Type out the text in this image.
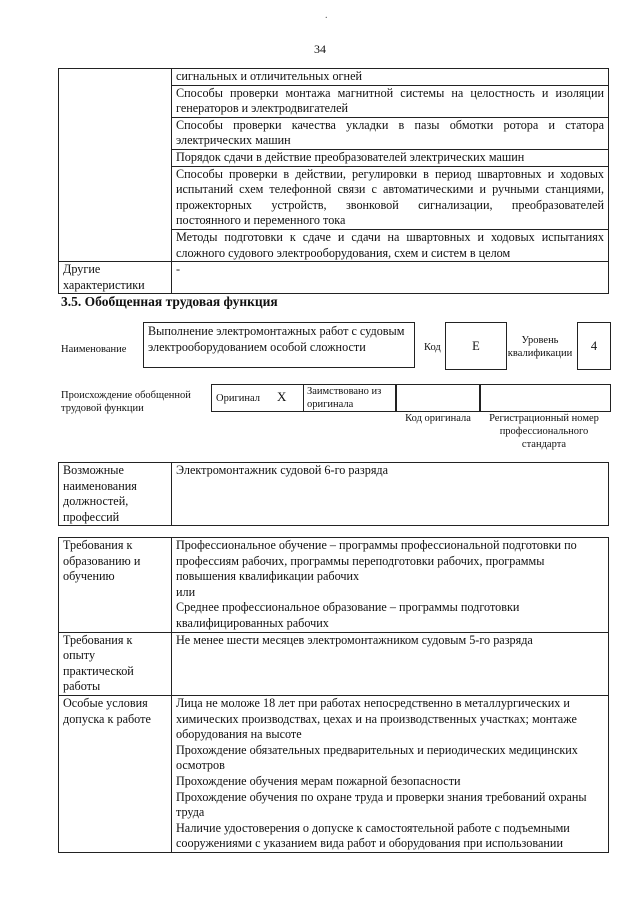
.
34
	сигнальных и отличительных огней
	Способы проверки монтажа магнитной системы на целостность и изоляции генераторов и электродвигателей
	Способы проверки качества укладки в пазы обмотки ротора и статора электрических машин
	Порядок сдачи в действие преобразователей электрических машин
	Способы проверки в действии, регулировки в период швартовных и ходовых испытаний схем телефонной связи с автоматическими и ручными станциями, прожекторных устройств, звонковой сигнализации, преобразователей постоянного и переменного тока
	Методы подготовки к сдаче и сдачи на швартовных и ходовых испытаниях сложного судового электрооборудования, схем и систем в целом
Другие характеристики	-
3.5. Обобщенная трудовая функция
Наименование
Выполнение электромонтажных работ с судовым электрооборудованием особой сложности	Код	E	Уровень квалификации
4
Происхождение обобщенной трудовой функции
Оригинал X Заимствовано из оригинала
Код оригинала	Регистрационный номер профессионального стандарта
Возможные наименования должностей, профессий	Электромонтажник судовой 6-го разряда
Требования к образованию и обучению	Профессиональное обучение – программы профессиональной подготовки по профессиям рабочих, программы переподготовки рабочих, программы повышения квалификации рабочих
или
Среднее профессиональное образование – программы подготовки квалифицированных рабочих

Требования к опыту практической работы	Не менее шести месяцев электромонтажником судовым 5-го разряда
Особые условия допуска к работе	Лица не моложе 18 лет при работах непосредственно в металлургических и химических производствах, цехах и на производственных участках; монтаже оборудования на высоте
Прохождение обязательных предварительных и периодических медицинских осмотров
Прохождение обучения мерам пожарной безопасности
Прохождение обучения по охране труда и проверки знания требований охраны труда
Наличие удостоверения о допуске к самостоятельной работе с подъемными сооружениями с указанием вида работ и оборудования при использовании
